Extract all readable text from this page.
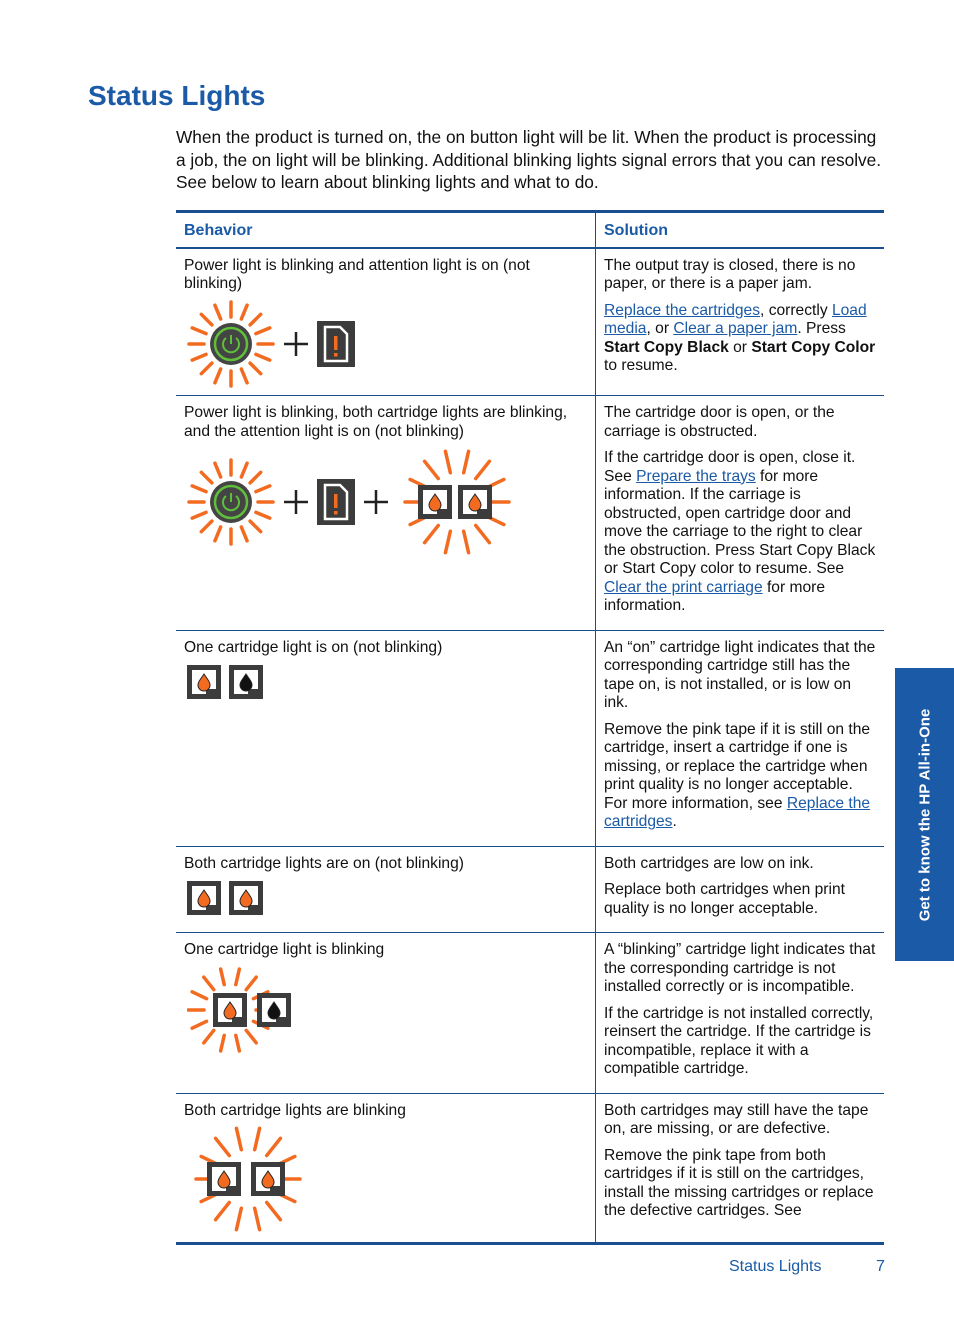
Status Lights

When the product is turned on, the on button light will be lit. When the product is processing a job, the on light will be blinking. Additional blinking lights signal errors that you can resolve. See below to learn about blinking lights and what to do.

Behavior	Solution

Power light is blinking and attention light is on (not blinking)	The output tray is closed, there is no paper, or there is a paper jam.

Replace the cartridges, correctly Load media, or Clear a paper jam. Press Start Copy Black or Start Copy Color to resume.

Power light is blinking, both cartridge lights are blinking, and the attention light is on (not blinking)	The cartridge door is open, or the carriage is obstructed.

If the cartridge door is open, close it. See Prepare the trays for more information. If the carriage is obstructed, open cartridge door and move the carriage to the right to clear the obstruction. Press Start Copy Black or Start Copy color to resume. See Clear the print carriage for more information.

One cartridge light is on (not blinking)	An “on” cartridge light indicates that the corresponding cartridge still has the tape on, is not installed, or is low on ink.

Remove the pink tape if it is still on the cartridge, insert a cartridge if one is missing, or replace the cartridge when print quality is no longer acceptable. For more information, see Replace the cartridges.

Both cartridge lights are on (not blinking)	Both cartridges are low on ink.

Replace both cartridges when print quality is no longer acceptable.

One cartridge light is blinking	A “blinking” cartridge light indicates that the corresponding cartridge is not installed correctly or is incompatible.

If the cartridge is not installed correctly, reinsert the cartridge. If the cartridge is incompatible, replace it with a compatible cartridge.

Both cartridge lights are blinking	Both cartridges may still have the tape on, are missing, or are defective.

Remove the pink tape from both cartridges if it is still on the cartridges, install the missing cartridges or replace the defective cartridges. See

Get to know the HP All-in-One
Status Lights	7
